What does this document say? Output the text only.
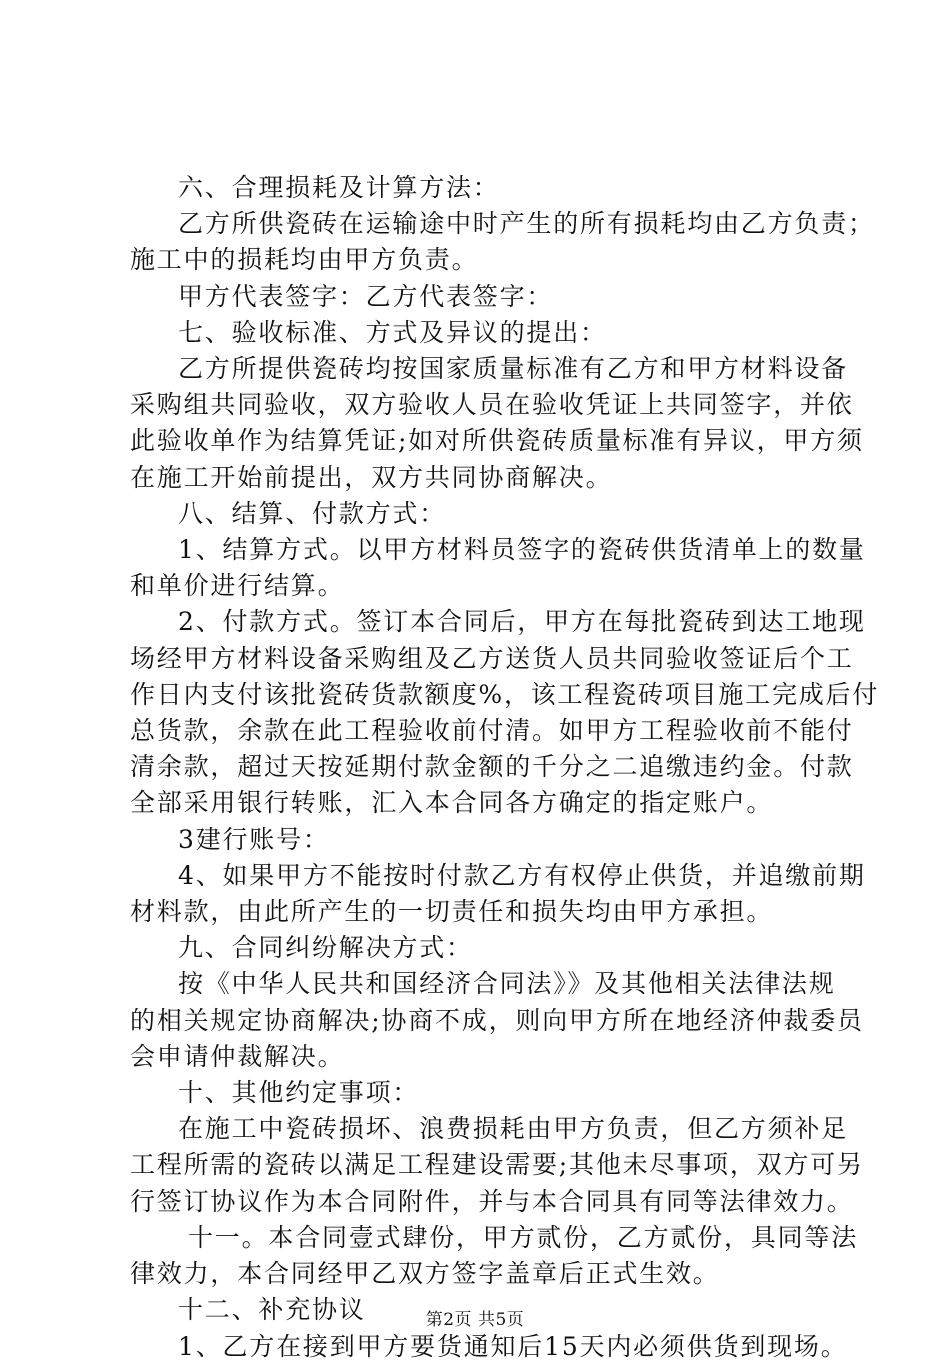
六、合理损耗及计算方法：

乙方所供瓷砖在运输途中时产生的所有损耗均由乙方负责；

施工中的损耗均由甲方负责。

甲方代表签字：乙方代表签字：

七、验收标准、方式及异议的提出：

乙方所提供瓷砖均按国家质量标准有乙方和甲方材料设备

采购组共同验收，双方验收人员在验收凭证上共同签字，并依

此验收单作为结算凭证;如对所供瓷砖质量标准有异议，甲方须

在施工开始前提出，双方共同协商解决。

八、结算、付款方式：

1、结算方式。以甲方材料员签字的瓷砖供货清单上的数量

和单价进行结算。

2、付款方式。签订本合同后，甲方在每批瓷砖到达工地现

场经甲方材料设备采购组及乙方送货人员共同验收签证后个工

作日内支付该批瓷砖货款额度%，该工程瓷砖项目施工完成后付

总货款，余款在此工程验收前付清。如甲方工程验收前不能付

清余款，超过天按延期付款金额的千分之二追缴违约金。付款

全部采用银行转账，汇入本合同各方确定的指定账户。

3建行账号：

4、如果甲方不能按时付款乙方有权停止供货，并追缴前期

材料款，由此所产生的一切责任和损失均由甲方承担。

九、合同纠纷解决方式：

按《中华人民共和国经济合同法》》及其他相关法律法规

的相关规定协商解决;协商不成，则向甲方所在地经济仲裁委员

会申请仲裁解决。

十、其他约定事项：

在施工中瓷砖损坏、浪费损耗由甲方负责，但乙方须补足

工程所需的瓷砖以满足工程建设需要;其他未尽事项，双方可另

行签订协议作为本合同附件，并与本合同具有同等法律效力。

十一。本合同壹式肆份，甲方贰份，乙方贰份，具同等法

律效力，本合同经甲乙双方签字盖章后正式生效。

十二、补充协议

1、乙方在接到甲方要货通知后15天内必须供货到现场。

第2页 共5页
